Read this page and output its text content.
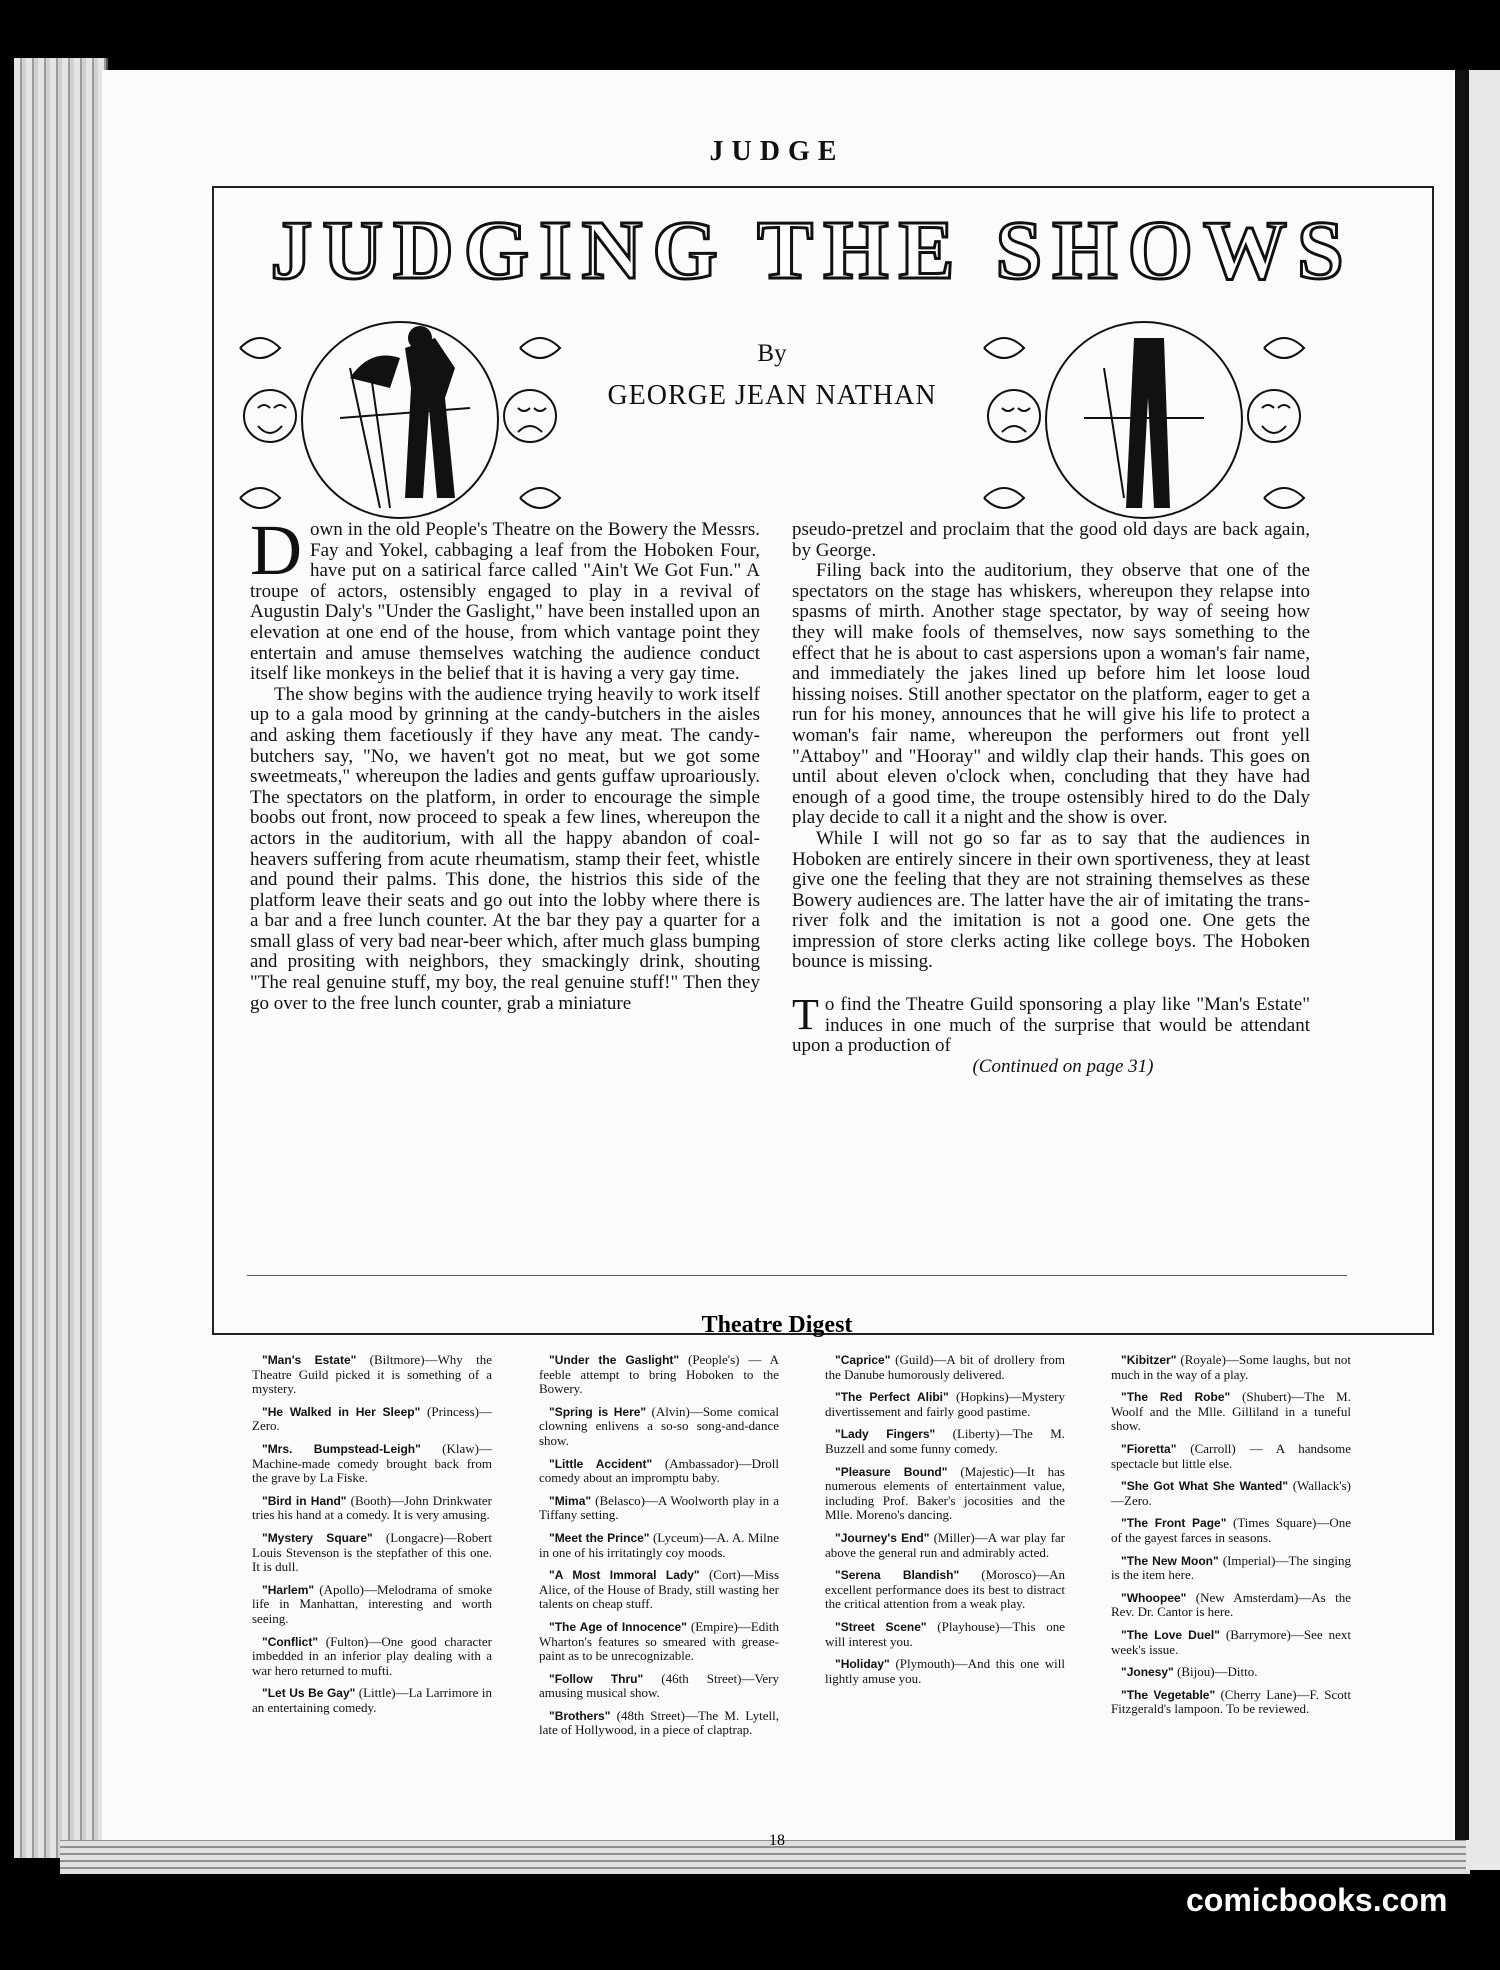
JUDGE
JUDGING THE SHOWS
By
GEORGE JEAN NATHAN

Down in the old People's Theatre on the Bowery the Messrs. Fay and Yokel, cabbaging a leaf from the Hoboken Four, have put on a satirical farce called "Ain't We Got Fun." A troupe of actors, ostensibly engaged to play in a revival of Augustin Daly's "Under the Gaslight," have been installed upon an elevation at one end of the house, from which vantage point they entertain and amuse themselves watching the audience conduct itself like monkeys in the belief that it is having a very gay time.

The show begins with the audience trying heavily to work itself up to a gala mood by grinning at the candy-butchers in the aisles and asking them facetiously if they have any meat. The candy-butchers say, "No, we haven't got no meat, but we got some sweetmeats," whereupon the ladies and gents guffaw uproariously. The spectators on the platform, in order to encourage the simple boobs out front, now proceed to speak a few lines, whereupon the actors in the auditorium, with all the happy abandon of coal-heavers suffering from acute rheumatism, stamp their feet, whistle and pound their palms. This done, the histrios this side of the platform leave their seats and go out into the lobby where there is a bar and a free lunch counter. At the bar they pay a quarter for a small glass of very bad near-beer which, after much glass bumping and prositing with neighbors, they smackingly drink, shouting "The real genuine stuff, my boy, the real genuine stuff!" Then they go over to the free lunch counter, grab a miniature

pseudo-pretzel and proclaim that the good old days are back again, by George.

Filing back into the auditorium, they observe that one of the spectators on the stage has whiskers, whereupon they relapse into spasms of mirth. Another stage spectator, by way of seeing how they will make fools of themselves, now says something to the effect that he is about to cast aspersions upon a woman's fair name, and immediately the jakes lined up before him let loose loud hissing noises. Still another spectator on the platform, eager to get a run for his money, announces that he will give his life to protect a woman's fair name, whereupon the performers out front yell "Attaboy" and "Hooray" and wildly clap their hands. This goes on until about eleven o'clock when, concluding that they have had enough of a good time, the troupe ostensibly hired to do the Daly play decide to call it a night and the show is over.

While I will not go so far as to say that the audiences in Hoboken are entirely sincere in their own sportiveness, they at least give one the feeling that they are not straining themselves as these Bowery audiences are. The latter have the air of imitating the trans-river folk and the imitation is not a good one. One gets the impression of store clerks acting like college boys. The Hoboken bounce is missing.

To find the Theatre Guild sponsoring a play like "Man's Estate" induces in one much of the surprise that would be attendant upon a production of

(Continued on page 31)

Theatre Digest

"Man's Estate" (Biltmore)—Why the Theatre Guild picked it is something of a mystery.

"He Walked in Her Sleep" (Princess)—Zero.

"Mrs. Bumpstead-Leigh" (Klaw)—Machine-made comedy brought back from the grave by La Fiske.

"Bird in Hand" (Booth)—John Drinkwater tries his hand at a comedy. It is very amusing.

"Mystery Square" (Longacre)—Robert Louis Stevenson is the stepfather of this one. It is dull.

"Harlem" (Apollo)—Melodrama of smoke life in Manhattan, interesting and worth seeing.

"Conflict" (Fulton)—One good character imbedded in an inferior play dealing with a war hero returned to mufti.

"Let Us Be Gay" (Little)—La Larrimore in an entertaining comedy.

"Under the Gaslight" (People's) — A feeble attempt to bring Hoboken to the Bowery.

"Spring is Here" (Alvin)—Some comical clowning enlivens a so-so song-and-dance show.

"Little Accident" (Ambassador)—Droll comedy about an impromptu baby.

"Mima" (Belasco)—A Woolworth play in a Tiffany setting.

"Meet the Prince" (Lyceum)—A. A. Milne in one of his irritatingly coy moods.

"A Most Immoral Lady" (Cort)—Miss Alice, of the House of Brady, still wasting her talents on cheap stuff.

"The Age of Innocence" (Empire)—Edith Wharton's features so smeared with grease-paint as to be unrecognizable.

"Follow Thru" (46th Street)—Very amusing musical show.

"Brothers" (48th Street)—The M. Lytell, late of Hollywood, in a piece of claptrap.

"Caprice" (Guild)—A bit of drollery from the Danube humorously delivered.

"The Perfect Alibi" (Hopkins)—Mystery divertissement and fairly good pastime.

"Lady Fingers" (Liberty)—The M. Buzzell and some funny comedy.

"Pleasure Bound" (Majestic)—It has numerous elements of entertainment value, including Prof. Baker's jocosities and the Mlle. Moreno's dancing.

"Journey's End" (Miller)—A war play far above the general run and admirably acted.

"Serena Blandish" (Morosco)—An excellent performance does its best to distract the critical attention from a weak play.

"Street Scene" (Playhouse)—This one will interest you.

"Holiday" (Plymouth)—And this one will lightly amuse you.

"Kibitzer" (Royale)—Some laughs, but not much in the way of a play.

"The Red Robe" (Shubert)—The M. Woolf and the Mlle. Gilliland in a tuneful show.

"Fioretta" (Carroll) — A handsome spectacle but little else.

"She Got What She Wanted" (Wallack's)—Zero.

"The Front Page" (Times Square)—One of the gayest farces in seasons.

"The New Moon" (Imperial)—The singing is the item here.

"Whoopee" (New Amsterdam)—As the Rev. Dr. Cantor is here.

"The Love Duel" (Barrymore)—See next week's issue.

"Jonesy" (Bijou)—Ditto.

"The Vegetable" (Cherry Lane)—F. Scott Fitzgerald's lampoon. To be reviewed.

18
comicbooks.com
